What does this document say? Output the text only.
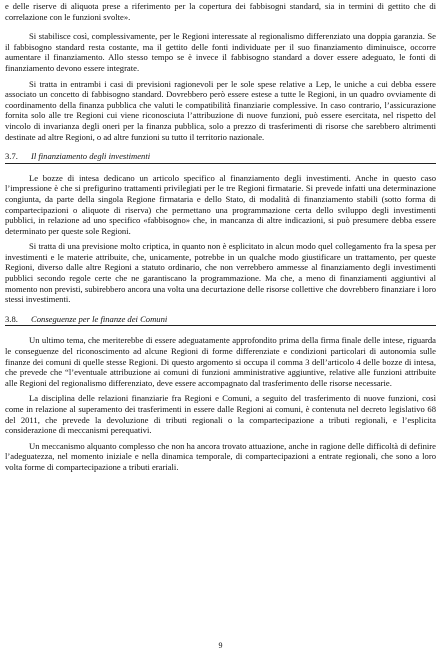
e delle riserve di aliquota prese a riferimento per la copertura dei fabbisogni standard, sia in termini di gettito che di correlazione con le funzioni svolte».

Si stabilisce così, complessivamente, per le Regioni interessate al regionalismo differenziato una doppia garanzia. Se il fabbisogno standard resta costante, ma il gettito delle fonti individuate per il suo finanziamento diminuisce, occorre aumentare il finanziamento. Allo stesso tempo se è invece il fabbisogno standard a dover essere adeguato, le fonti di finanziamento devono essere integrate.

Si tratta in entrambi i casi di previsioni ragionevoli per le sole spese relative a Lep, le uniche a cui debba essere associato un concetto di fabbisogno standard. Dovrebbero però essere estese a tutte le Regioni, in un quadro ovviamente di coordinamento della finanza pubblica che valuti le compatibilità finanziarie complessive. In caso contrario, l’assicurazione fornita solo alle tre Regioni cui viene riconosciuta l’attribuzione di nuove funzioni, può essere esercitata, nel rispetto del vincolo di invarianza degli oneri per la finanza pubblica, solo a prezzo di trasferimenti di risorse che sarebbero altrimenti destinate ad altre Regioni, o ad altre funzioni su tutto il territorio nazionale.

3.7.	Il finanziamento degli investimenti

Le bozze di intesa dedicano un articolo specifico al finanziamento degli investimenti. Anche in questo caso l’impressione è che si prefigurino trattamenti privilegiati per le tre Regioni firmatarie. Si prevede infatti una determinazione congiunta, da parte della singola Regione firmataria e dello Stato, di modalità di finanziamento stabili (sotto forma di compartecipazioni o aliquote di riserva) che permettano una programmazione certa dello sviluppo degli investimenti pubblici, in relazione ad uno specifico «fabbisogno» che, in mancanza di altre indicazioni, si può presumere debba essere determinato per queste sole Regioni.

Si tratta di una previsione molto criptica, in quanto non è esplicitato in alcun modo quel collegamento fra la spesa per investimenti e le materie attribuite, che, unicamente, potrebbe in un qualche modo giustificare un trattamento, per queste Regioni, diverso dalle altre Regioni a statuto ordinario, che non verrebbero ammesse al finanziamento degli investimenti pubblici secondo regole certe che ne garantiscano la programmazione. Ma che, a meno di finanziamenti aggiuntivi al momento non previsti, subirebbero ancora una volta una decurtazione delle risorse collettive che dovrebbero finanziare i loro stessi investimenti.

3.8.	Conseguenze per le finanze dei Comuni

Un ultimo tema, che meriterebbe di essere adeguatamente approfondito prima della firma finale delle intese, riguarda le conseguenze del riconoscimento ad alcune Regioni di forme differenziate e condizioni particolari di autonomia sulle finanze dei comuni di quelle stesse Regioni. Di questo argomento si occupa il comma 3 dell’articolo 4 delle bozze di intesa, che prevede che “l’eventuale attribuzione ai comuni di funzioni amministrative aggiuntive, relative alle funzioni attribuite alle Regioni del regionalismo differenziato, deve essere accompagnato dal trasferimento delle risorse necessarie.

La disciplina delle relazioni finanziarie fra Regioni e Comuni, a seguito del trasferimento di nuove funzioni, così come in relazione al superamento dei trasferimenti in essere dalle Regioni ai comuni, è contenuta nel decreto legislativo 68 del 2011, che prevede la devoluzione di tributi regionali o la compartecipazione a tributi regionali, e l’esplicita considerazione di meccanismi perequativi.

Un meccanismo alquanto complesso che non ha ancora trovato attuazione, anche in ragione delle difficoltà di definire l’adeguatezza, nel momento iniziale e nella dinamica temporale, di compartecipazioni a entrate regionali, che sono a loro volta forme di compartecipazione a tributi erariali.

9
